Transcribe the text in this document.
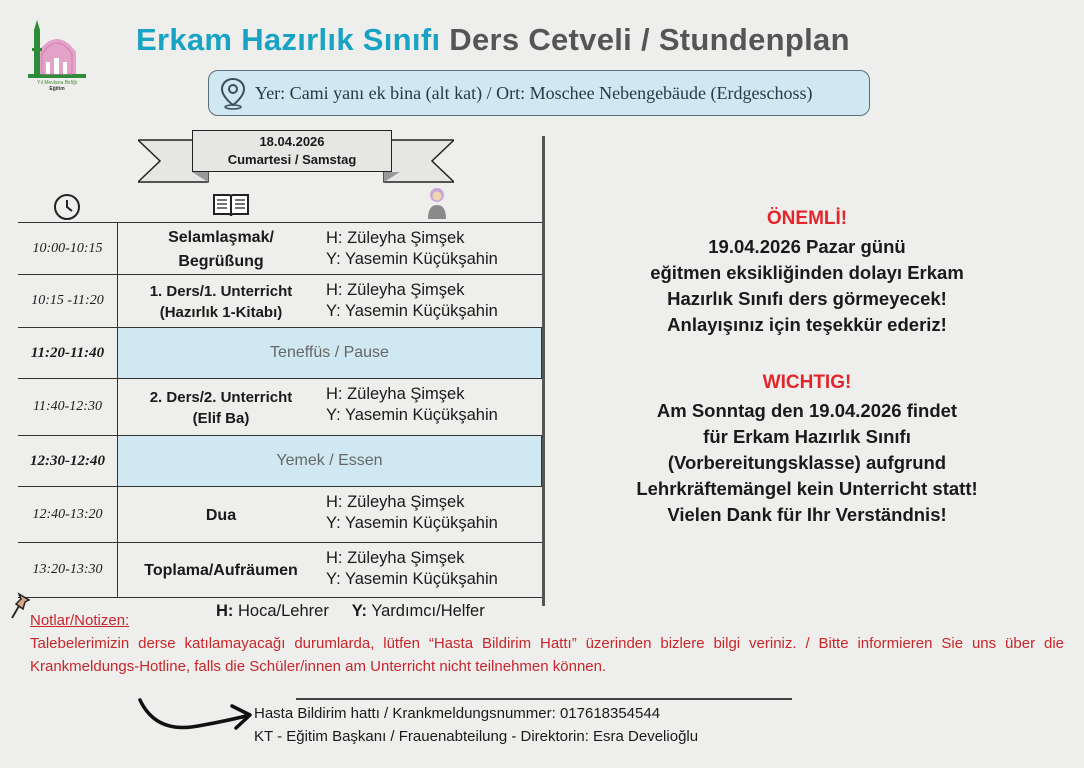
Yıl Mevlana Birliği
Eğitim
Erkam Hazırlık Sınıfı Ders Cetveli / Stundenplan
Yer: Cami yanı ek bina (alt kat) / Ort: Moschee Nebengebäude (Erdgeschoss)
18.04.2026
Cumartesi / Samstag
10:00-10:15
Selamlaşmak/
Begrüßung
H: Züleyha Şimşek
Y: Yasemin Küçükşahin
10:15 -11:20
1. Ders/1. Unterricht
(Hazırlık 1-Kitabı)
H: Züleyha Şimşek
Y: Yasemin Küçükşahin
11:20-11:40	Teneffüs / Pause
11:40-12:30
2. Ders/2. Unterricht
(Elif Ba)
H: Züleyha Şimşek
Y: Yasemin Küçükşahin
12:30-12:40	Yemek / Essen
12:40-13:20	Dua
H: Züleyha Şimşek
Y: Yasemin Küçükşahin
13:20-13:30	Toplama/Aufräumen
H: Züleyha Şimşek
Y: Yasemin Küçükşahin
H: Hoca/Lehrer Y: Yardımcı/Helfer
Notlar/Notizen:
Talebelerimizin derse katılamayacağı durumlarda, lütfen “Hasta Bildirim Hattı” üzerinden bizlere bilgi veriniz. / Bitte informieren Sie uns über die Krankmeldungs-Hotline, falls die Schüler/innen am Unterricht nicht teilnehmen können.
Hasta Bildirim hattı / Krankmeldungsnummer: 017618354544
KT - Eğitim Başkanı / Frauenabteilung - Direktorin: Esra Develioğlu
ÖNEMLİ!
19.04.2026 Pazar günü
eğitmen eksikliğinden dolayı Erkam
Hazırlık Sınıfı ders görmeyecek!
Anlayışınız için teşekkür ederiz!
WICHTIG!
Am Sonntag den 19.04.2026 findet
für Erkam Hazırlık Sınıfı
(Vorbereitungsklasse) aufgrund
Lehrkräftemängel kein Unterricht statt!
Vielen Dank für Ihr Verständnis!
